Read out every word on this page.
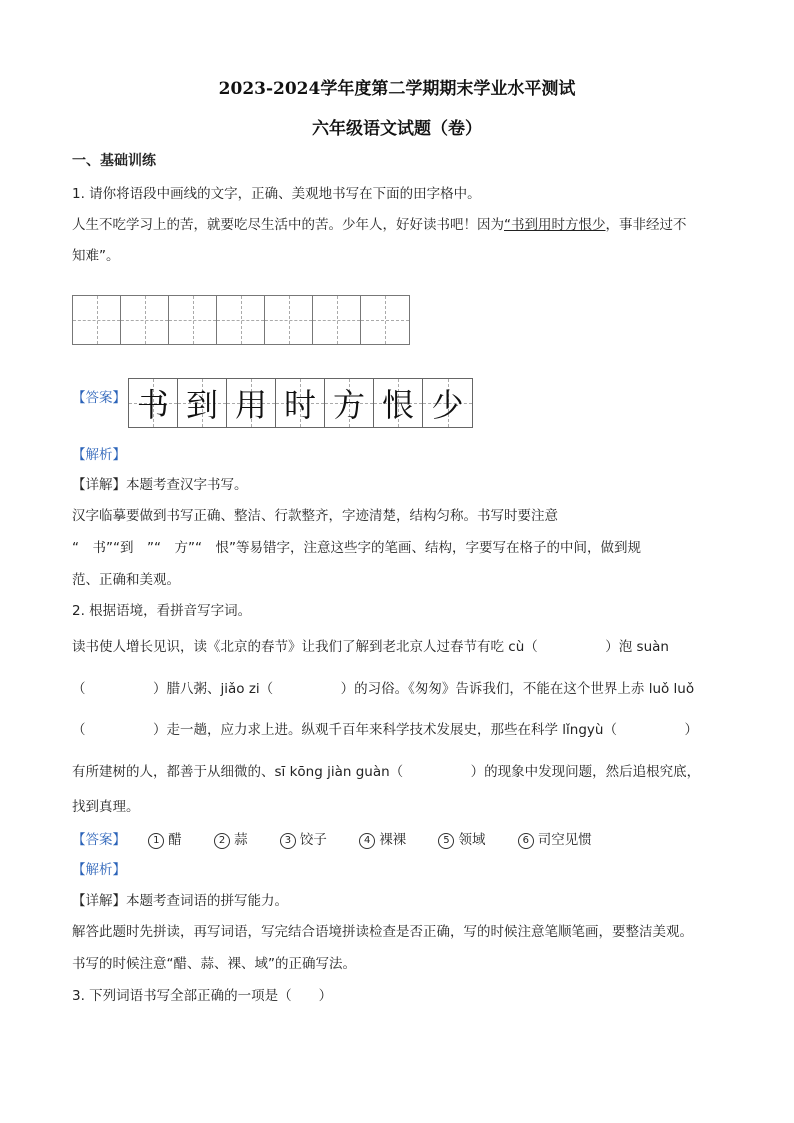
2023-2024学年度第二学期期末学业水平测试
六年级语文试题（卷）
一、基础训练
1. 请你将语段中画线的文字，正确、美观地书写在下面的田字格中。
人生不吃学习上的苦，就要吃尽生活中的苦。少年人，好好读书吧！因为“书到用时方恨少，事非经过不
知难”。
【答案】 书 到 用 时 方 恨 少
【解析】
【详解】本题考查汉字书写。
汉字临摹要做到书写正确、整洁、行款整齐，字迹清楚，结构匀称。书写时要注意
“　书”“到　”“　方”“　恨”等易错字，注意这些字的笔画、结构，字要写在格子的中间，做到规
范、正确和美观。
2. 根据语境，看拼音写字词。
读书使人增长见识，读《北京的春节》让我们了解到老北京人过春节有吃 cù（　　　　　）泡 suàn
（　　　　　）腊八粥、jiǎo zi（　　　　　）的习俗。《匆匆》告诉我们，不能在这个世界上赤 luǒ luǒ
（　　　　　）走一趟，应力求上进。纵观千百年来科学技术发展史，那些在科学 lǐngyù（　　　　　）
有所建树的人，都善于从细微的、sī kōng jiàn guàn（　　　　　）的现象中发现问题，然后追根究底，
找到真理。
【答案】	1 醋	2 蒜	3 饺子	4 裸裸	5 领域	6 司空见惯
【解析】
【详解】本题考查词语的拼写能力。
解答此题时先拼读，再写词语，写完结合语境拼读检查是否正确，写的时候注意笔顺笔画，要整洁美观。
书写的时候注意“醋、蒜、裸、域”的正确写法。
3. 下列词语书写全部正确的一项是（　　）
